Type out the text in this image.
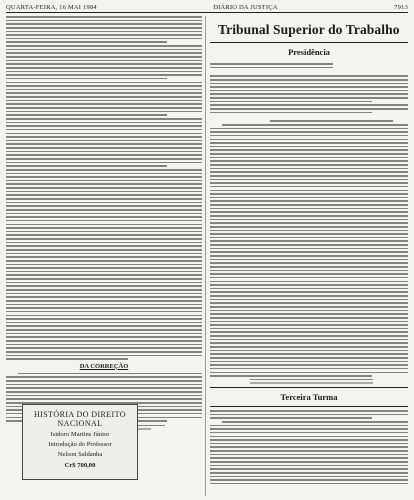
QUARTA-FEIRA, 16 MAI 1984	DIÁRIO DA JUSTIÇA	7913
DA CORREÇÃO
HISTÓRIA DO DIREITO NACIONAL
Isidoro Martins Júnior
Introdução do Professor
Nelson Saldanha
Cr$ 700,00
Tribunal Superior do Trabalho
Presidência
Terceira Turma
